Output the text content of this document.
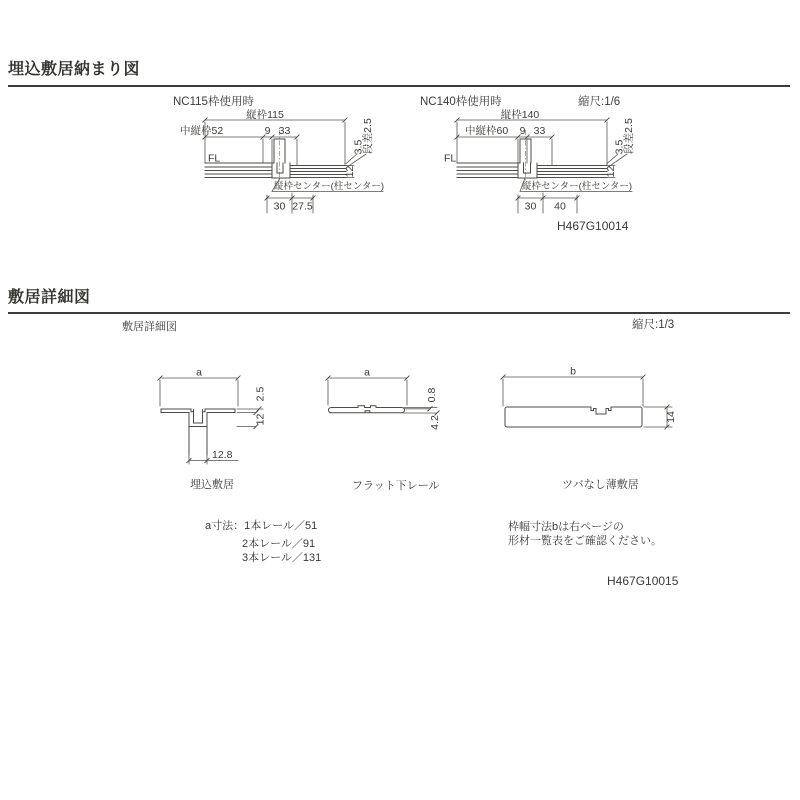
埋込敷居納まり図
NC115枠使用時	NC140枠使用時	縮尺:1/6
縦枠115
中縦枠52	9 33
FL
縦枠センター(柱センター)
30 27.5
12
3.5
段差2.5
縦枠140
中縦枠60 9 33
FL
縦枠センター(柱センター)
30 40
12
3.5
段差2.5
H467G10014
敷居詳細図
敷居詳細図	縮尺:1/3
a
12.8
2.5
12
a
0.8
4.2
b
14
埋込敷居	フラット下レール	ツバなし薄敷居
a寸法：1本レール／51
2本レール／91
3本レール／131
枠幅寸法bは右ページの
形材一覧表をご確認ください。
H467G10015
